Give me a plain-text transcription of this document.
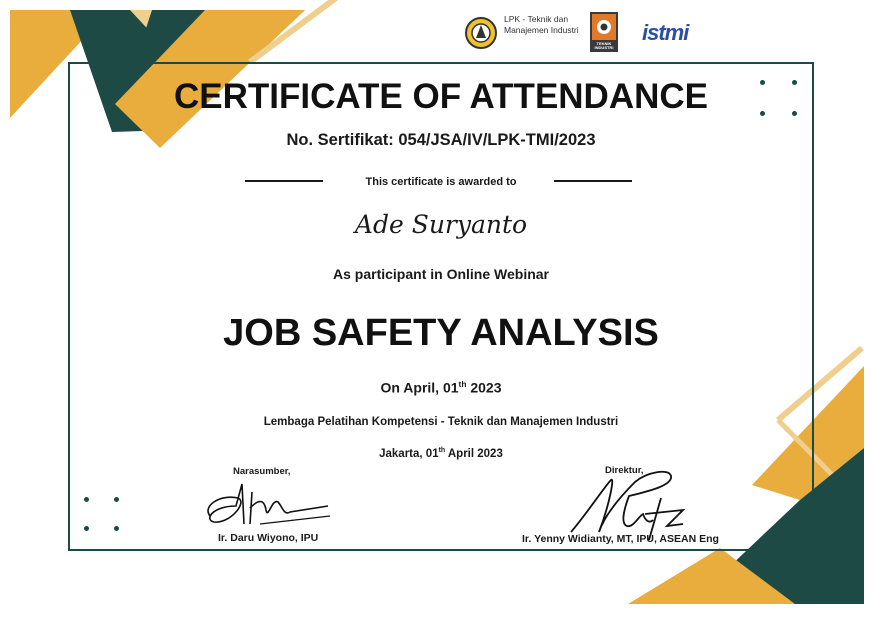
LPK - Teknik dan Manajemen Industri
TEKNIK INDUSTRI
istmi
CERTIFICATE OF ATTENDANCE
No. Sertifikat: 054/JSA/IV/LPK-TMI/2023
This certificate is awarded to
Ade Suryanto
As participant in Online Webinar
JOB SAFETY ANALYSIS
On April, 01th 2023
Lembaga Pelatihan Kompetensi - Teknik dan Manajemen Industri
Jakarta, 01th April 2023
Narasumber,
Ir. Daru Wiyono, IPU
Direktur,
Ir. Yenny Widianty, MT, IPU, ASEAN Eng
